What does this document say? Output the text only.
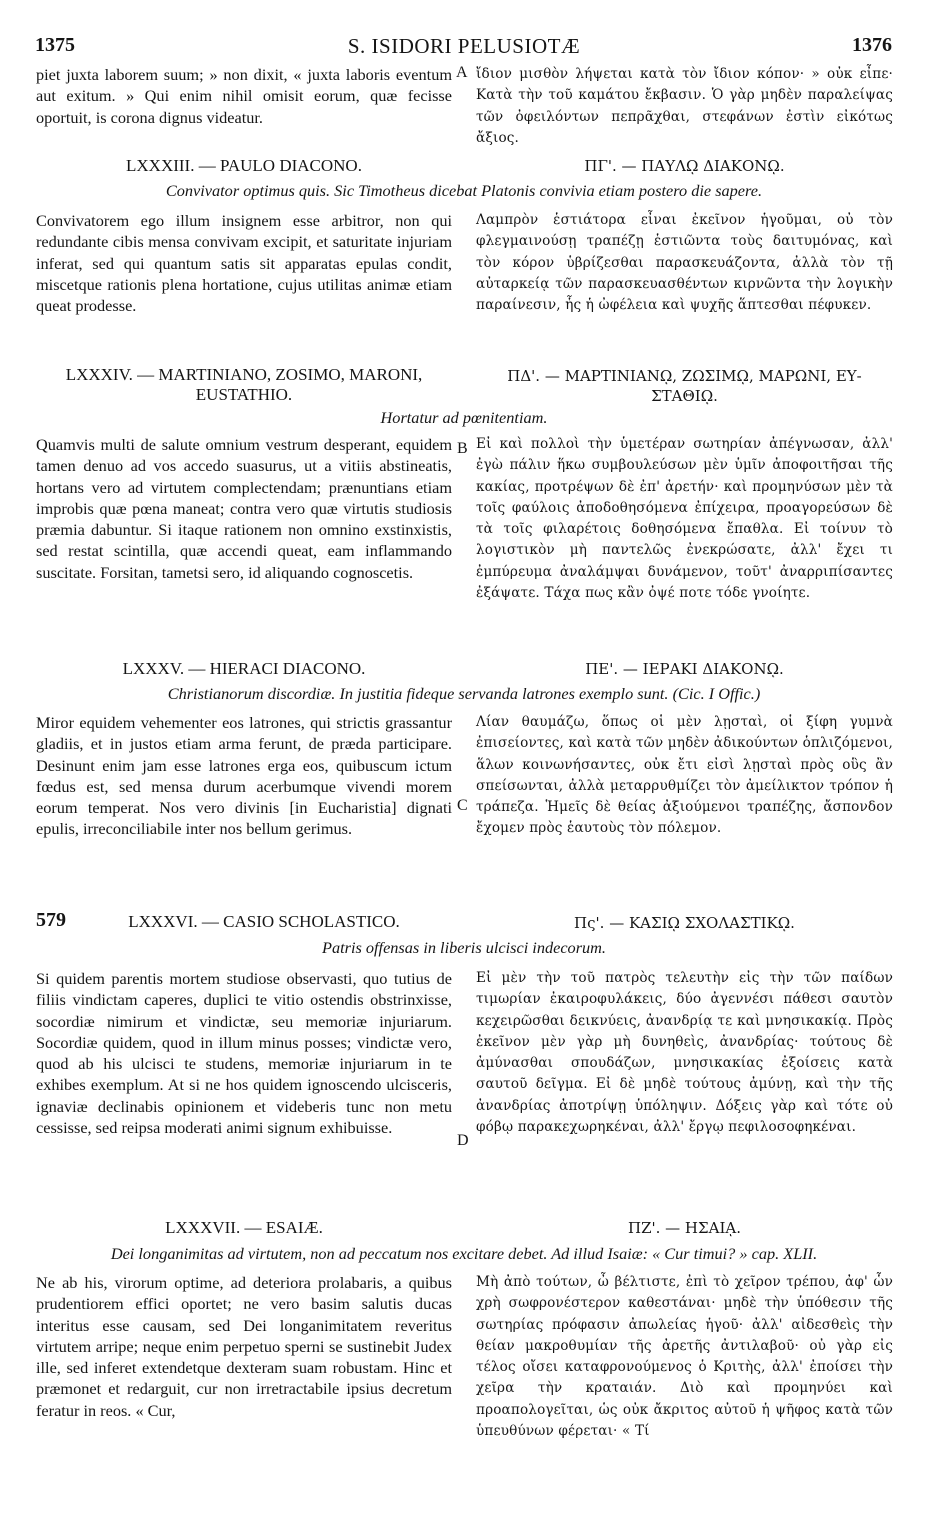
1375	S. ISIDORI PELUSIOTÆ	1376
A
B
C
D

piet juxta laborem suum; » non dixit, « juxta laboris eventum aut exitum. » Qui enim nihil omisit eorum, quæ fecisse oportuit, is corona dignus videatur.

ἴδιον μισθὸν λήψεται κατὰ τὸν ἴδιον κόπον· » οὐκ εἶπε· Κατὰ τὴν τοῦ καμάτου ἔκβασιν. Ὁ γὰρ μηδὲν παραλείψας τῶν ὀφειλόντων πεπρᾶχθαι, στεφάνων ἐστὶν εἰκότως ἄξιος.

LXXXIII. — PAULO DIACONO.	ΠΓ'. — ΠΑΥΛῼ ΔΙΑΚΟΝῼ.
Convivator optimus quis. Sic Timotheus dicebat Platonis convivia etiam postero die sapere.

Convivatorem ego illum insignem esse arbitror, non qui redundante cibis mensa convivam excipit, et saturitate injuriam inferat, sed qui quantum satis sit apparatas epulas condit, miscetque rationis plena hortatione, cujus utilitas animæ etiam queat prodesse.

Λαμπρὸν ἑστιάτορα εἶναι ἐκεῖνον ἡγοῦμαι, οὐ τὸν φλεγμαινούσῃ τραπέζῃ ἑστιῶντα τοὺς δαιτυμόνας, καὶ τὸν κόρον ὑβρίζεσθαι παρασκευάζοντα, ἀλλὰ τὸν τῇ αὐταρκείᾳ τῶν παρασκευασθέντων κιρνῶντα τὴν λογικὴν παραίνεσιν, ἧς ἡ ὠφέλεια καὶ ψυχῆς ἅπτεσθαι πέφυκεν.

LXXXIV. — MARTINIANO, ZOSIMO, MARONI,
EUSTATHIO.
ΠΔ'. — ΜΑΡΤΙΝΙΑΝῼ, ΖΩΣΙΜῼ, ΜΑΡΩΝΙ, ΕΥ-
ΣΤΑΘΙῼ.
Hortatur ad pœnitentiam.

Quamvis multi de salute omnium vestrum desperant, equidem tamen denuo ad vos accedo suasurus, ut a vitiis abstineatis, hortans vero ad virtutem complectendam; prænuntians etiam improbis quæ pœna maneat; contra vero quæ virtutis studiosis præmia dabuntur. Si itaque rationem non omnino exstinxistis, sed restat scintilla, quæ accendi queat, eam inflammando suscitate. Forsitan, tametsi sero, id aliquando cognoscetis.

Εἰ καὶ πολλοὶ τὴν ὑμετέραν σωτηρίαν ἀπέγνωσαν, ἀλλ' ἐγὼ πάλιν ἥκω συμβουλεύσων μὲν ὑμῖν ἀποφοιτῆσαι τῆς κακίας, προτρέψων δὲ ἐπ' ἀρετήν· καὶ προμηνύσων μὲν τὰ τοῖς φαύλοις ἀποδοθησόμενα ἐπίχειρα, προαγορεύσων δὲ τὰ τοῖς φιλαρέτοις δοθησόμενα ἔπαθλα. Εἰ τοίνυν τὸ λογιστικὸν μὴ παντελῶς ἐνεκρώσατε, ἀλλ' ἔχει τι ἐμπύρευμα ἀναλάμψαι δυνάμενον, τοῦτ' ἀναρριπίσαντες ἐξάψατε. Τάχα πως κἂν ὀψέ ποτε τόδε γνοίητε.

LXXXV. — HIERACI DIACONO.	ΠΕ'. — ΙΕΡΑΚΙ ΔΙΑΚΟΝῼ.
Christianorum discordiæ. In justitia fideque servanda latrones exemplo sunt. (Cic. I Offic.)

Miror equidem vehementer eos latrones, qui strictis grassantur gladiis, et in justos etiam arma ferunt, de præda participare. Desinunt enim jam esse latrones erga eos, quibuscum ictum fœdus est, sed mensa durum acerbumque vivendi morem eorum temperat. Nos vero divinis [in Eucharistia] dignati epulis, irreconciliabile inter nos bellum gerimus.

Λίαν θαυμάζω, ὅπως οἱ μὲν λῃσταὶ, οἱ ξίφη γυμνὰ ἐπισείοντες, καὶ κατὰ τῶν μηδὲν ἀδικούντων ὁπλιζόμενοι, ἅλων κοινωνήσαντες, οὐκ ἔτι εἰσὶ λῃσταὶ πρὸς οὓς ἂν σπείσωνται, ἀλλὰ μεταρρυθμίζει τὸν ἀμείλικτον τρόπον ἡ τράπεζα. Ἡμεῖς δὲ θείας ἀξιούμενοι τραπέζης, ἄσπονδον ἔχομεν πρὸς ἑαυτοὺς τὸν πόλεμον.

579	LXXXVI. — CASIO SCHOLASTICO.	Πς'. — ΚΑΣΙῼ ΣΧΟΛΑΣΤΙΚῼ.
Patris offensas in liberis ulcisci indecorum.

Si quidem parentis mortem studiose observasti, quo tutius de filiis vindictam caperes, duplici te vitio ostendis obstrinxisse, socordiæ nimirum et vindictæ, seu memoriæ injuriarum. Socordiæ quidem, quod in illum minus posses; vindictæ vero, quod ab his ulcisci te studens, memoriæ injuriarum in te exhibes exemplum. At si ne hos quidem ignoscendo ulcisceris, ignaviæ declinabis opinionem et videberis tunc non metu cessisse, sed reipsa moderati animi signum exhibuisse.

Εἰ μὲν τὴν τοῦ πατρὸς τελευτὴν εἰς τὴν τῶν παίδων τιμωρίαν ἐκαιροφυλάκεις, δύο ἀγεννέσι πάθεσι σαυτὸν κεχειρῶσθαι δεικνύεις, ἀνανδρίᾳ τε καὶ μνησικακίᾳ. Πρὸς ἐκεῖνον μὲν γὰρ μὴ δυνηθεὶς, ἀνανδρίας· τούτους δὲ ἀμύνασθαι σπουδάζων, μνησικακίας ἐξοίσεις κατὰ σαυτοῦ δεῖγμα. Εἰ δὲ μηδὲ τούτους ἀμύνῃ, καὶ τὴν τῆς ἀνανδρίας ἀποτρίψῃ ὑπόληψιν. Δόξεις γὰρ καὶ τότε οὐ φόβῳ παρακεχωρηκέναι, ἀλλ' ἔργῳ πεφιλοσοφηκέναι.

LXXXVII. — ESAIÆ.	ΠΖ'. — ΗΣΑΙᾼ.
Dei longanimitas ad virtutem, non ad peccatum nos excitare debet. Ad illud Isaiæ: « Cur timui? » cap. XLII.

Ne ab his, virorum optime, ad deteriora prolabaris, a quibus prudentiorem effici oportet; ne vero basim salutis ducas interitus esse causam, sed Dei longanimitatem reveritus virtutem arripe; neque enim perpetuo sperni se sustinebit Judex ille, sed inferet extendetque dexteram suam robustam. Hinc et præmonet et redarguit, cur non irretractabile ipsius decretum feratur in reos. « Cur,

Μὴ ἀπὸ τούτων, ὦ βέλτιστε, ἐπὶ τὸ χεῖρον τρέπου, ἀφ' ὧν χρὴ σωφρονέστερον καθεστάναι· μηδὲ τὴν ὑπόθεσιν τῆς σωτηρίας πρόφασιν ἀπωλείας ἡγοῦ· ἀλλ' αἰδεσθεὶς τὴν θείαν μακροθυμίαν τῆς ἀρετῆς ἀντιλαβοῦ· οὐ γὰρ εἰς τέλος οἴσει καταφρονούμενος ὁ Κριτὴς, ἀλλ' ἐποίσει τὴν χεῖρα τὴν κραταιάν. Διὸ καὶ προμηνύει καὶ προαπολογεῖται, ὡς οὐκ ἄκριτος αὐτοῦ ἡ ψῆφος κατὰ τῶν ὑπευθύνων φέρεται· « Τί
